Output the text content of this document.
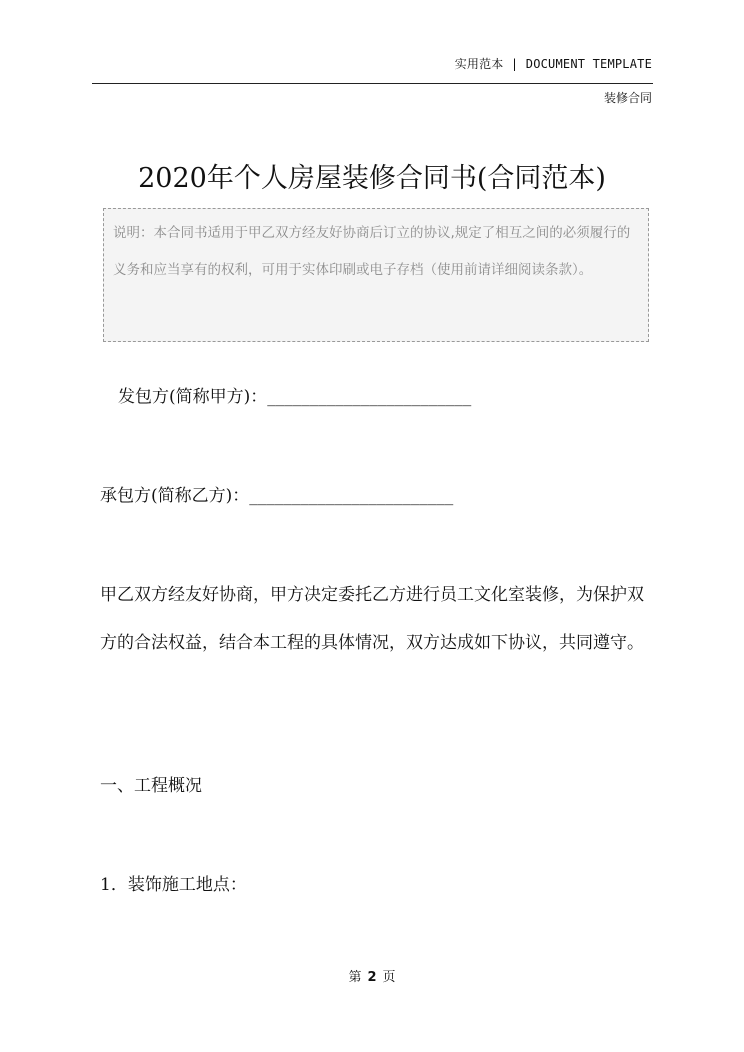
实用范本 | DOCUMENT TEMPLATE
装修合同
2020年个人房屋装修合同书(合同范本)
说明：本合同书适用于甲乙双方经友好协商后订立的协议,规定了相互之间的必须履行的义务和应当享有的权利，可用于实体印刷或电子存档（使用前请详细阅读条款）。
发包方(简称甲方)：________________________
承包方(简称乙方)：________________________
甲乙双方经友好协商，甲方决定委托乙方进行员工文化室装修，为保护双方的合法权益，结合本工程的具体情况，双方达成如下协议，共同遵守。
一、工程概况
1．装饰施工地点：
第 2 页
